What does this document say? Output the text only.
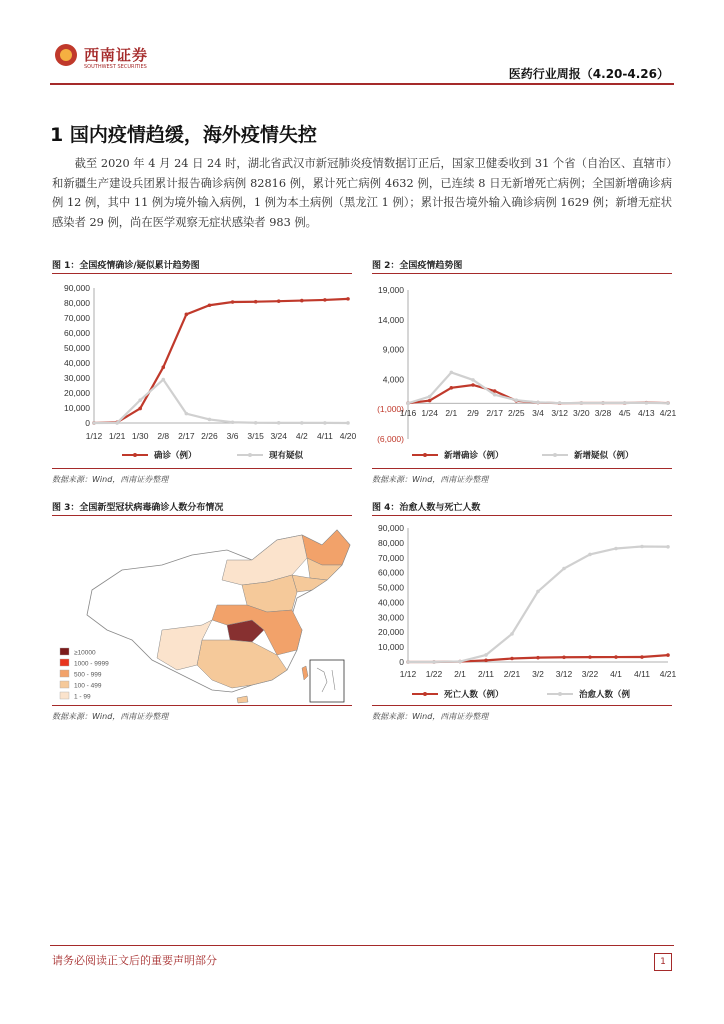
西南证券
SOUTHWEST SECURITIES	医药行业周报（4.20-4.26）
1 国内疫情趋缓，海外疫情失控
截至 2020 年 4 月 24 日 24 时，湖北省武汉市新冠肺炎疫情数据订正后，国家卫健委收到 31 个省（自治区、直辖市）和新疆生产建设兵团累计报告确诊病例 82816 例，累计死亡病例 4632 例，已连续 8 日无新增死亡病例；全国新增确诊病例 12 例，其中 11 例为境外输入病例，1 例为本土病例（黑龙江 1 例）；累计报告境外输入确诊病例 1629 例；新增无症状感染者 29 例，尚在医学观察无症状感染者 983 例。
图 1：全国疫情确诊/疑似累计趋势图
90,000
80,000
70,000
60,000
50,000
40,000
30,000
20,000
10,000
0
1/12 1/21 1/30 2/8 2/17 2/26 3/6 3/15 3/24 4/2 4/11 4/20
确诊（例）	现有疑似
数据来源：Wind，西南证券整理
图 2：全国疫情趋势图
19,000
14,000
9,000
4,000
(1,000)
(6,000)
1/16 1/24 2/1 2/9 2/17 2/25 3/4 3/12 3/20 3/28 4/5 4/13 4/21
新增确诊（例）	新增疑似（例）
数据来源：Wind，西南证券整理
图 3：全国新型冠状病毒确诊人数分布情况
≥10000
1000 - 9999
500 - 999
100 - 499
1 - 99
数据来源：Wind，西南证券整理
图 4：治愈人数与死亡人数
90,000
80,000
70,000
60,000
50,000
40,000
30,000
20,000
10,000
0
1/12 1/22 2/1 2/11 2/21 3/2 3/12 3/22 4/1 4/11 4/21
死亡人数（例）	治愈人数（例
数据来源：Wind，西南证券整理
请务必阅读正文后的重要声明部分	1
